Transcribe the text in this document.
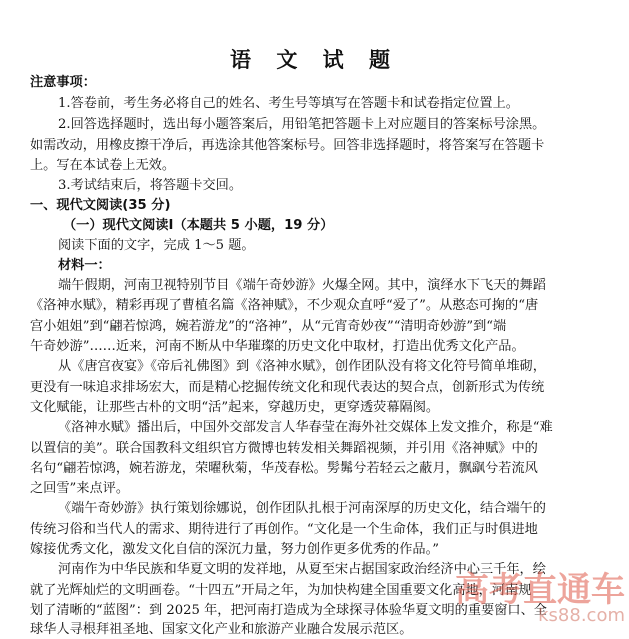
语 文 试 题
注意事项：
1.答卷前，考生务必将自己的姓名、考生号等填写在答题卡和试卷指定位置上。
2.回答选择题时，选出每小题答案后，用铅笔把答题卡上对应题目的答案标号涂黑。
如需改动，用橡皮擦干净后，再选涂其他答案标号。回答非选择题时，将答案写在答题卡
上。写在本试卷上无效。
3.考试结束后，将答题卡交回。
一、现代文阅读(35 分)
（一）现代文阅读Ⅰ（本题共 5 小题，19 分）
阅读下面的文字，完成 1～5 题。
材料一：
端午假期，河南卫视特别节目《端午奇妙游》火爆全网。其中，演绎水下飞天的舞蹈
《洛神水赋》，精彩再现了曹植名篇《洛神赋》，不少观众直呼“爱了”。从憨态可掬的“唐
宫小姐姐”到“翩若惊鸿，婉若游龙”的“洛神”，从“元宵奇妙夜”“清明奇妙游”到“端
午奇妙游”……近来，河南不断从中华璀璨的历史文化中取材，打造出优秀文化产品。
从《唐宫夜宴》《帝后礼佛图》到《洛神水赋》，创作团队没有将文化符号简单堆砌，
更没有一味追求排场宏大，而是精心挖掘传统文化和现代表达的契合点，创新形式为传统
文化赋能，让那些古朴的文明“活”起来，穿越历史，更穿透荧幕隔阂。
《洛神水赋》播出后，中国外交部发言人华春莹在海外社交媒体上发文推介，称是“难
以置信的美”。联合国教科文组织官方微博也转发相关舞蹈视频，并引用《洛神赋》中的
名句“翩若惊鸿，婉若游龙，荣曜秋菊，华茂春松。髣髴兮若轻云之蔽月，飘飖兮若流风
之回雪”来点评。
《端午奇妙游》执行策划徐娜说，创作团队扎根于河南深厚的历史文化，结合端午的
传统习俗和当代人的需求、期待进行了再创作。“文化是一个生命体，我们正与时俱进地
嫁接优秀文化，激发文化自信的深沉力量，努力创作更多优秀的作品。”
河南作为中华民族和华夏文明的发祥地，从夏至宋占据国家政治经济中心三千年，绘
就了光辉灿烂的文明画卷。“十四五”开局之年，为加快构建全国重要文化高地，河南规
划了清晰的“蓝图”：到 2025 年，把河南打造成为全球探寻体验华夏文明的重要窗口、全
球华人寻根拜祖圣地、国家文化产业和旅游产业融合发展示范区。
高考直通车
ks88.com
